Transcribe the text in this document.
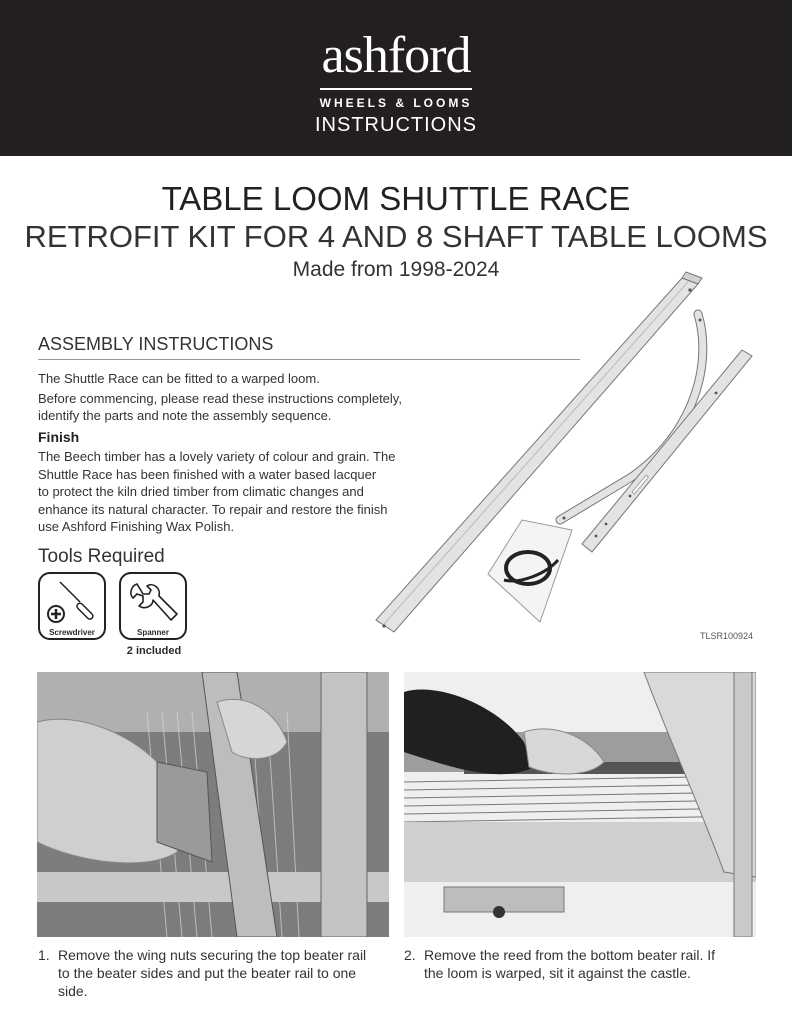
ashford
WHEELS & LOOMS
INSTRUCTIONS
TABLE LOOM SHUTTLE RACE
RETROFIT KIT FOR 4 AND 8 SHAFT TABLE LOOMS
Made from 1998-2024
ASSEMBLY INSTRUCTIONS
The Shuttle Race can be fitted to a warped loom.
Before commencing, please read these instructions completely,
identify the parts and note the assembly sequence.
Finish
The Beech timber has a lovely variety of colour and grain. The
Shuttle Race has been finished with a water based lacquer
to protect the kiln dried timber from climatic changes and
enhance its natural character. To repair and restore the finish
use Ashford Finishing Wax Polish.
Tools Required
Screwdriver	Spanner
2 included
TLSR100924
1. Remove the wing nuts securing the top beater rail
to the beater sides and put the beater rail to one
side.
2. Remove the reed from the bottom beater rail. If
the loom is warped, sit it against the castle.
